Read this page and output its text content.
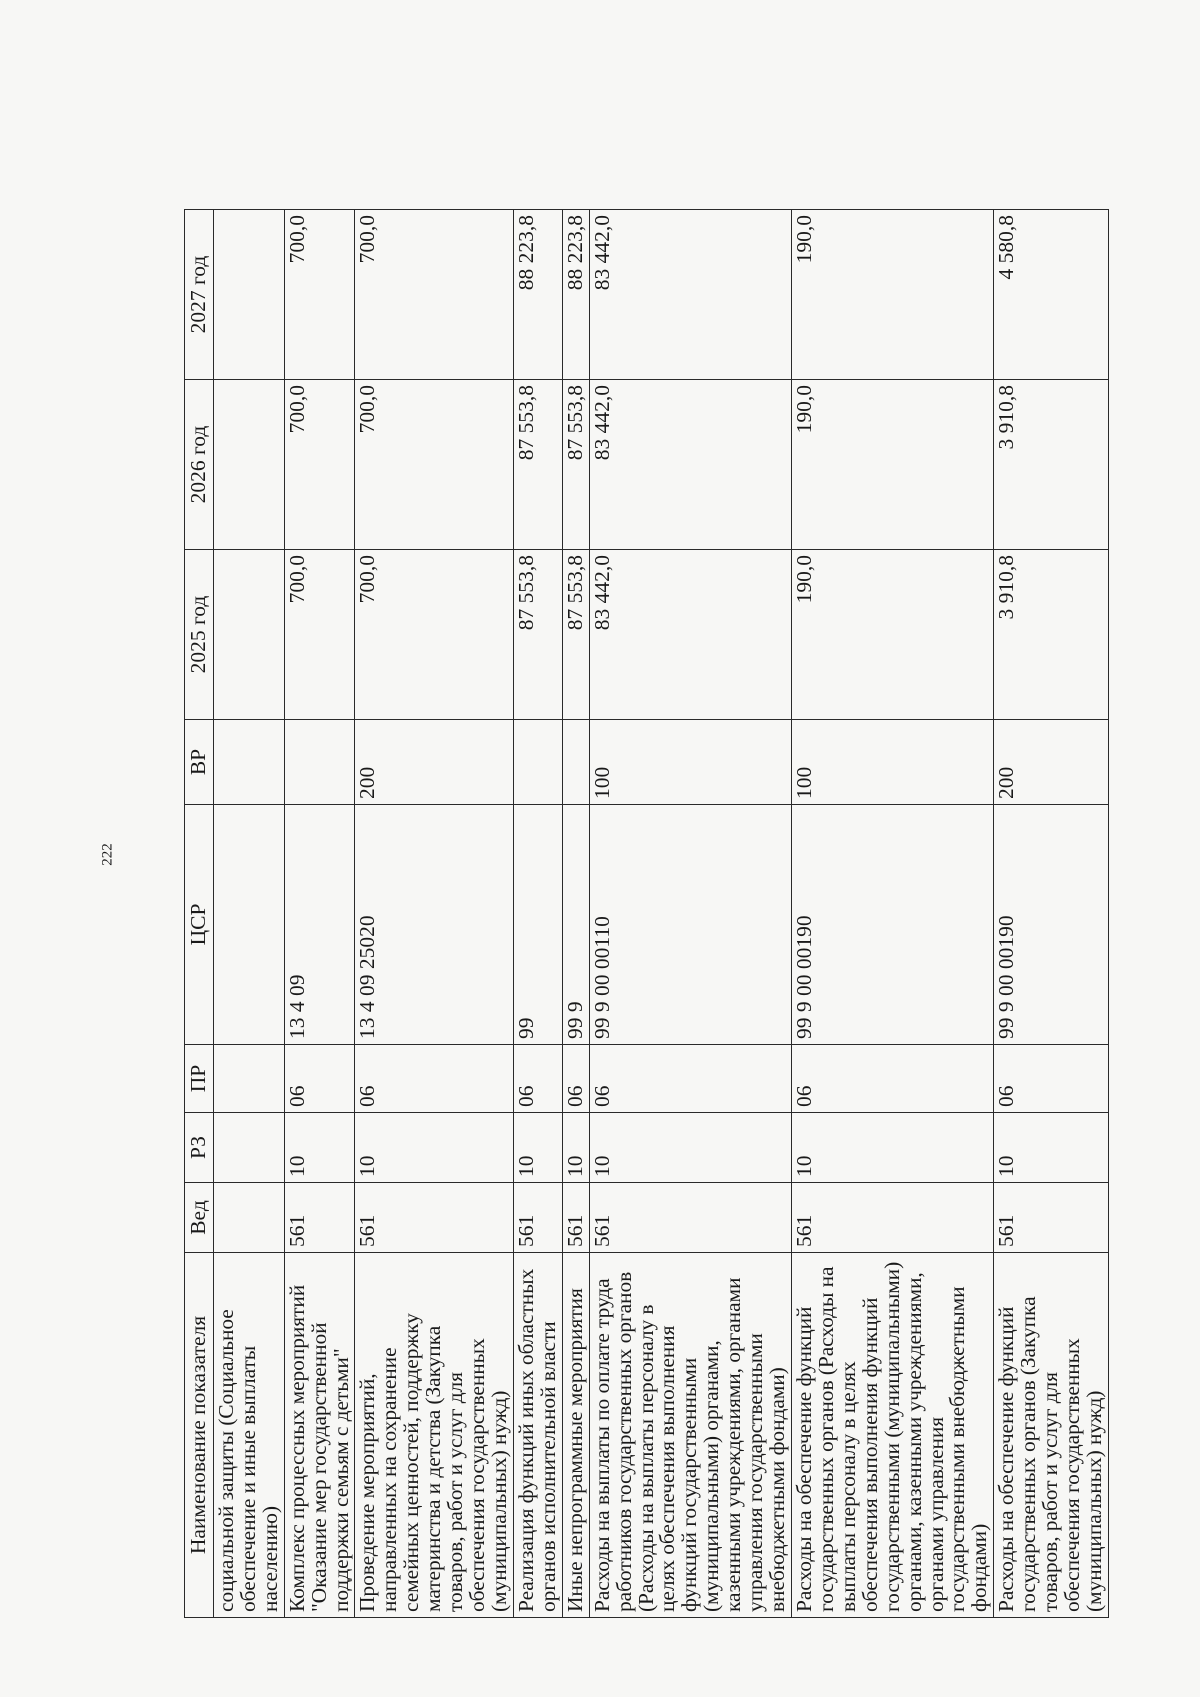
222
Наименование показателя	Вед	РЗ	ПР	ЦСР	ВР	2025 год	2026 год	2027 год
социальной защиты (Социальное обеспечение и иные выплаты населению)								
Комплекс процессных мероприятий "Оказание мер государственной поддержки семьям с детьми"	561	10	06	13 4 09		700,0	700,0	700,0
Проведение мероприятий, направленных на сохранение семейных ценностей, поддержку материнства и детства (Закупка товаров, работ и услуг для обеспечения государственных (муниципальных) нужд)	561	10	06	13 4 09 25020	200	700,0	700,0	700,0
Реализация функций иных областных органов исполнительной власти	561	10	06	99		87 553,8	87 553,8	88 223,8
Иные непрограммные мероприятия	561	10	06	99 9		87 553,8	87 553,8	88 223,8
Расходы на выплаты по оплате труда работников государственных органов (Расходы на выплаты персоналу в целях обеспечения выполнения функций государственными (муниципальными) органами, казенными учреждениями, органами управления государственными внебюджетными фондами)	561	10	06	99 9 00 00110	100	83 442,0	83 442,0	83 442,0
Расходы на обеспечение функций государственных органов (Расходы на выплаты персоналу в целях обеспечения выполнения функций государственными (муниципальными) органами, казенными учреждениями, органами управления государственными внебюджетными фондами)	561	10	06	99 9 00 00190	100	190,0	190,0	190,0
Расходы на обеспечение функций государственных органов (Закупка товаров, работ и услуг для обеспечения государственных (муниципальных) нужд)	561	10	06	99 9 00 00190	200	3 910,8	3 910,8	4 580,8
